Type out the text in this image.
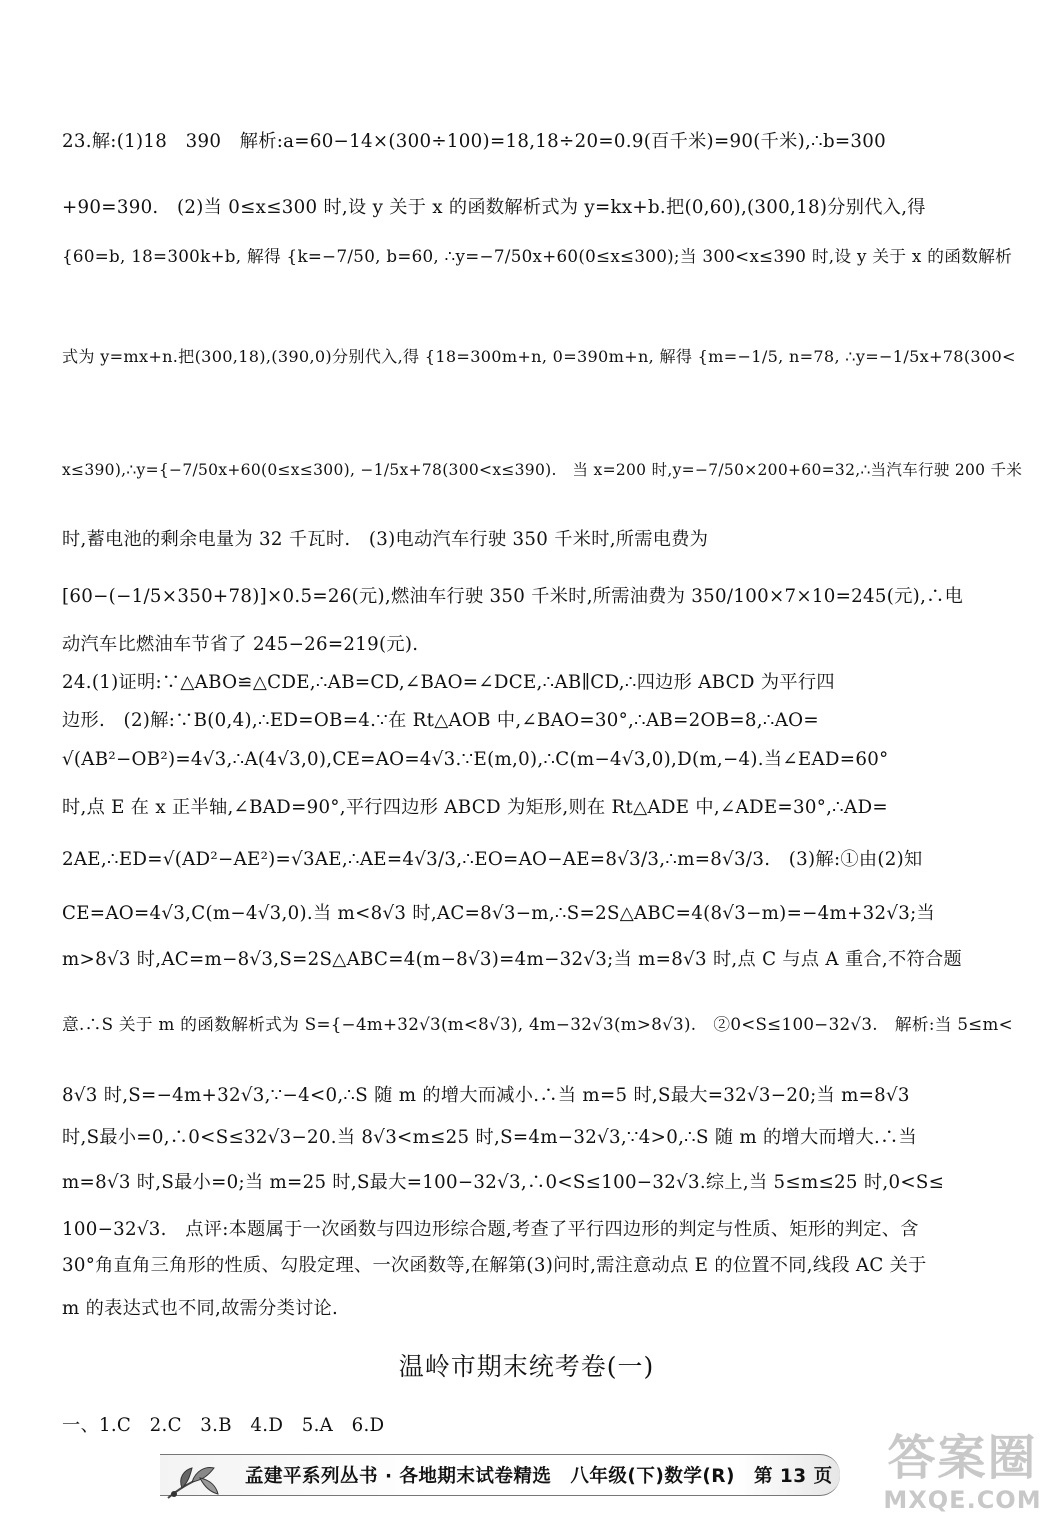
23.解:(1)18　390　解析:a=60−14×(300÷100)=18,18÷20=0.9(百千米)=90(千米),∴b=300
+90=390.　(2)当 0≤x≤300 时,设 y 关于 x 的函数解析式为 y=kx+b.把(0,60),(300,18)分别代入,得
{60=b, 18=300k+b, 解得 {k=−7/50, b=60, ∴y=−7/50x+60(0≤x≤300);当 300<x≤390 时,设 y 关于 x 的函数解析
式为 y=mx+n.把(300,18),(390,0)分别代入,得 {18=300m+n, 0=390m+n, 解得 {m=−1/5, n=78, ∴y=−1/5x+78(300<
x≤390),∴y={−7/50x+60(0≤x≤300), −1/5x+78(300<x≤390).　当 x=200 时,y=−7/50×200+60=32,∴当汽车行驶 200 千米
时,蓄电池的剩余电量为 32 千瓦时.　(3)电动汽车行驶 350 千米时,所需电费为
[60−(−1/5×350+78)]×0.5=26(元),燃油车行驶 350 千米时,所需油费为 350/100×7×10=245(元),∴电
动汽车比燃油车节省了 245−26=219(元).
24.(1)证明:∵△ABO≌△CDE,∴AB=CD,∠BAO=∠DCE,∴AB∥CD,∴四边形 ABCD 为平行四
边形.　(2)解:∵B(0,4),∴ED=OB=4.∵在 Rt△AOB 中,∠BAO=30°,∴AB=2OB=8,∴AO=
√(AB²−OB²)=4√3,∴A(4√3,0),CE=AO=4√3.∵E(m,0),∴C(m−4√3,0),D(m,−4).当∠EAD=60°
时,点 E 在 x 正半轴,∠BAD=90°,平行四边形 ABCD 为矩形,则在 Rt△ADE 中,∠ADE=30°,∴AD=
2AE,∴ED=√(AD²−AE²)=√3AE,∴AE=4√3/3,∴EO=AO−AE=8√3/3,∴m=8√3/3.　(3)解:①由(2)知
CE=AO=4√3,C(m−4√3,0).当 m<8√3 时,AC=8√3−m,∴S=2S△ABC=4(8√3−m)=−4m+32√3;当
m>8√3 时,AC=m−8√3,S=2S△ABC=4(m−8√3)=4m−32√3;当 m=8√3 时,点 C 与点 A 重合,不符合题
意.∴S 关于 m 的函数解析式为 S={−4m+32√3(m<8√3), 4m−32√3(m>8√3).　②0<S≤100−32√3.　解析:当 5≤m<
8√3 时,S=−4m+32√3,∵−4<0,∴S 随 m 的增大而减小.∴当 m=5 时,S最大=32√3−20;当 m=8√3
时,S最小=0,∴0<S≤32√3−20.当 8√3<m≤25 时,S=4m−32√3,∵4>0,∴S 随 m 的增大而增大.∴当
m=8√3 时,S最小=0;当 m=25 时,S最大=100−32√3,∴0<S≤100−32√3.综上,当 5≤m≤25 时,0<S≤
100−32√3.　点评:本题属于一次函数与四边形综合题,考查了平行四边形的判定与性质、矩形的判定、含
30°角直角三角形的性质、勾股定理、一次函数等,在解第(3)问时,需注意动点 E 的位置不同,线段 AC 关于
m 的表达式也不同,故需分类讨论.
温岭市期末统考卷(一)
一、1.C　2.C　3.B　4.D　5.A　6.D
孟建平系列丛书 · 各地期末试卷精选　八年级(下)数学(R)　第 13 页 答案圈
MXQE.COM
